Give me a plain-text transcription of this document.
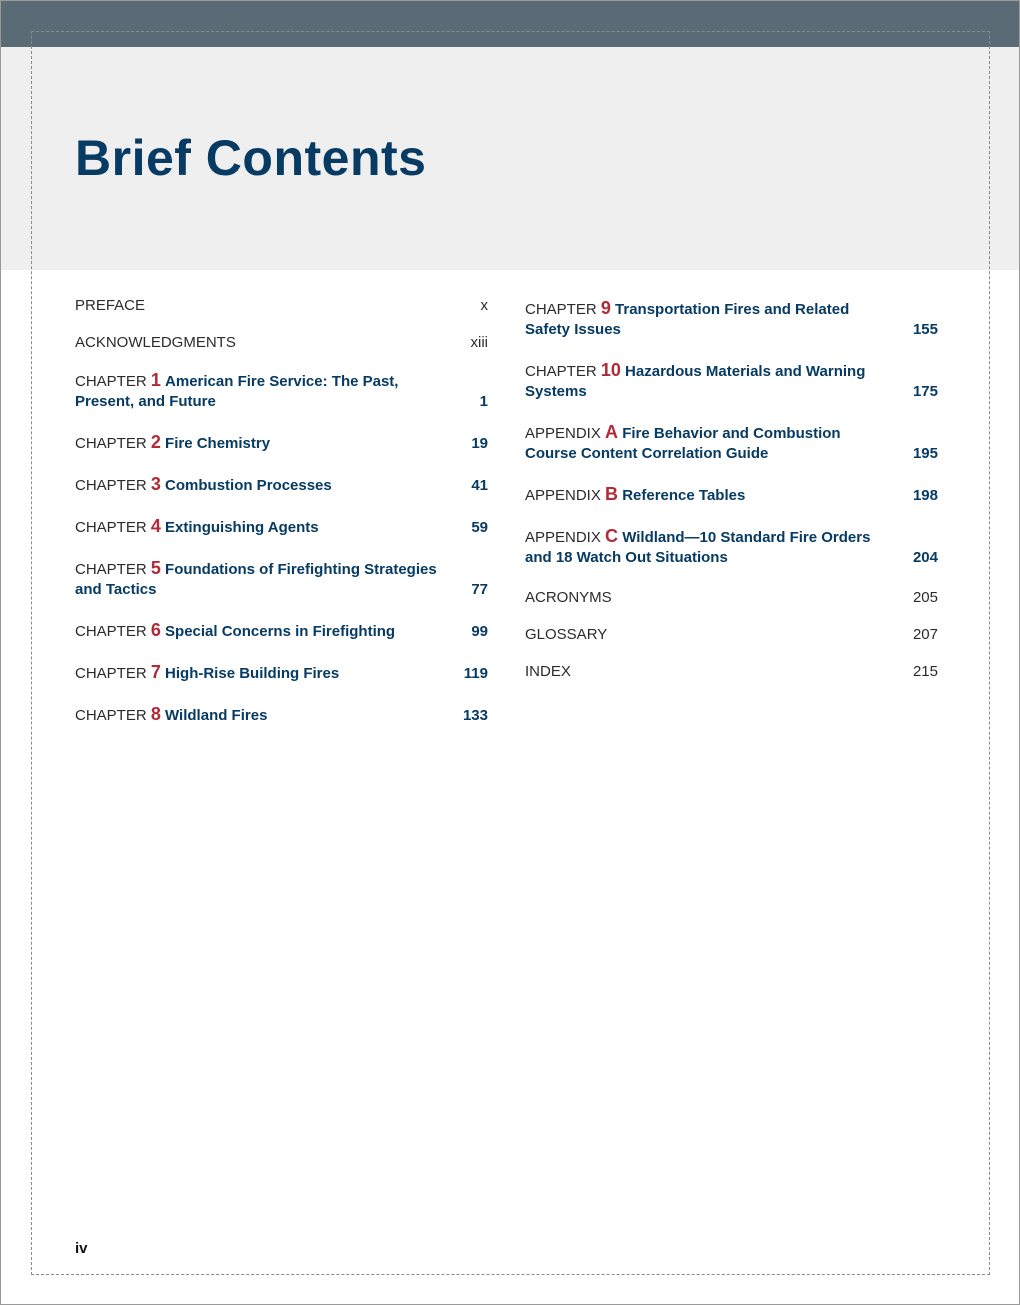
Brief Contents
PREFACE	x
ACKNOWLEDGMENTS	xiii
CHAPTER 1 American Fire Service: The Past, Present, and Future	1
CHAPTER 2 Fire Chemistry	19
CHAPTER 3 Combustion Processes	41
CHAPTER 4 Extinguishing Agents	59
CHAPTER 5 Foundations of Firefighting Strategies and Tactics	77
CHAPTER 6 Special Concerns in Firefighting	99
CHAPTER 7 High-Rise Building Fires	119
CHAPTER 8 Wildland Fires	133
CHAPTER 9 Transportation Fires and Related Safety Issues	155
CHAPTER 10 Hazardous Materials and Warning Systems	175
APPENDIX A Fire Behavior and Combustion Course Content Correlation Guide	195
APPENDIX B Reference Tables	198
APPENDIX C Wildland—10 Standard Fire Orders and 18 Watch Out Situations	204
ACRONYMS	205
GLOSSARY	207
INDEX	215
iv
